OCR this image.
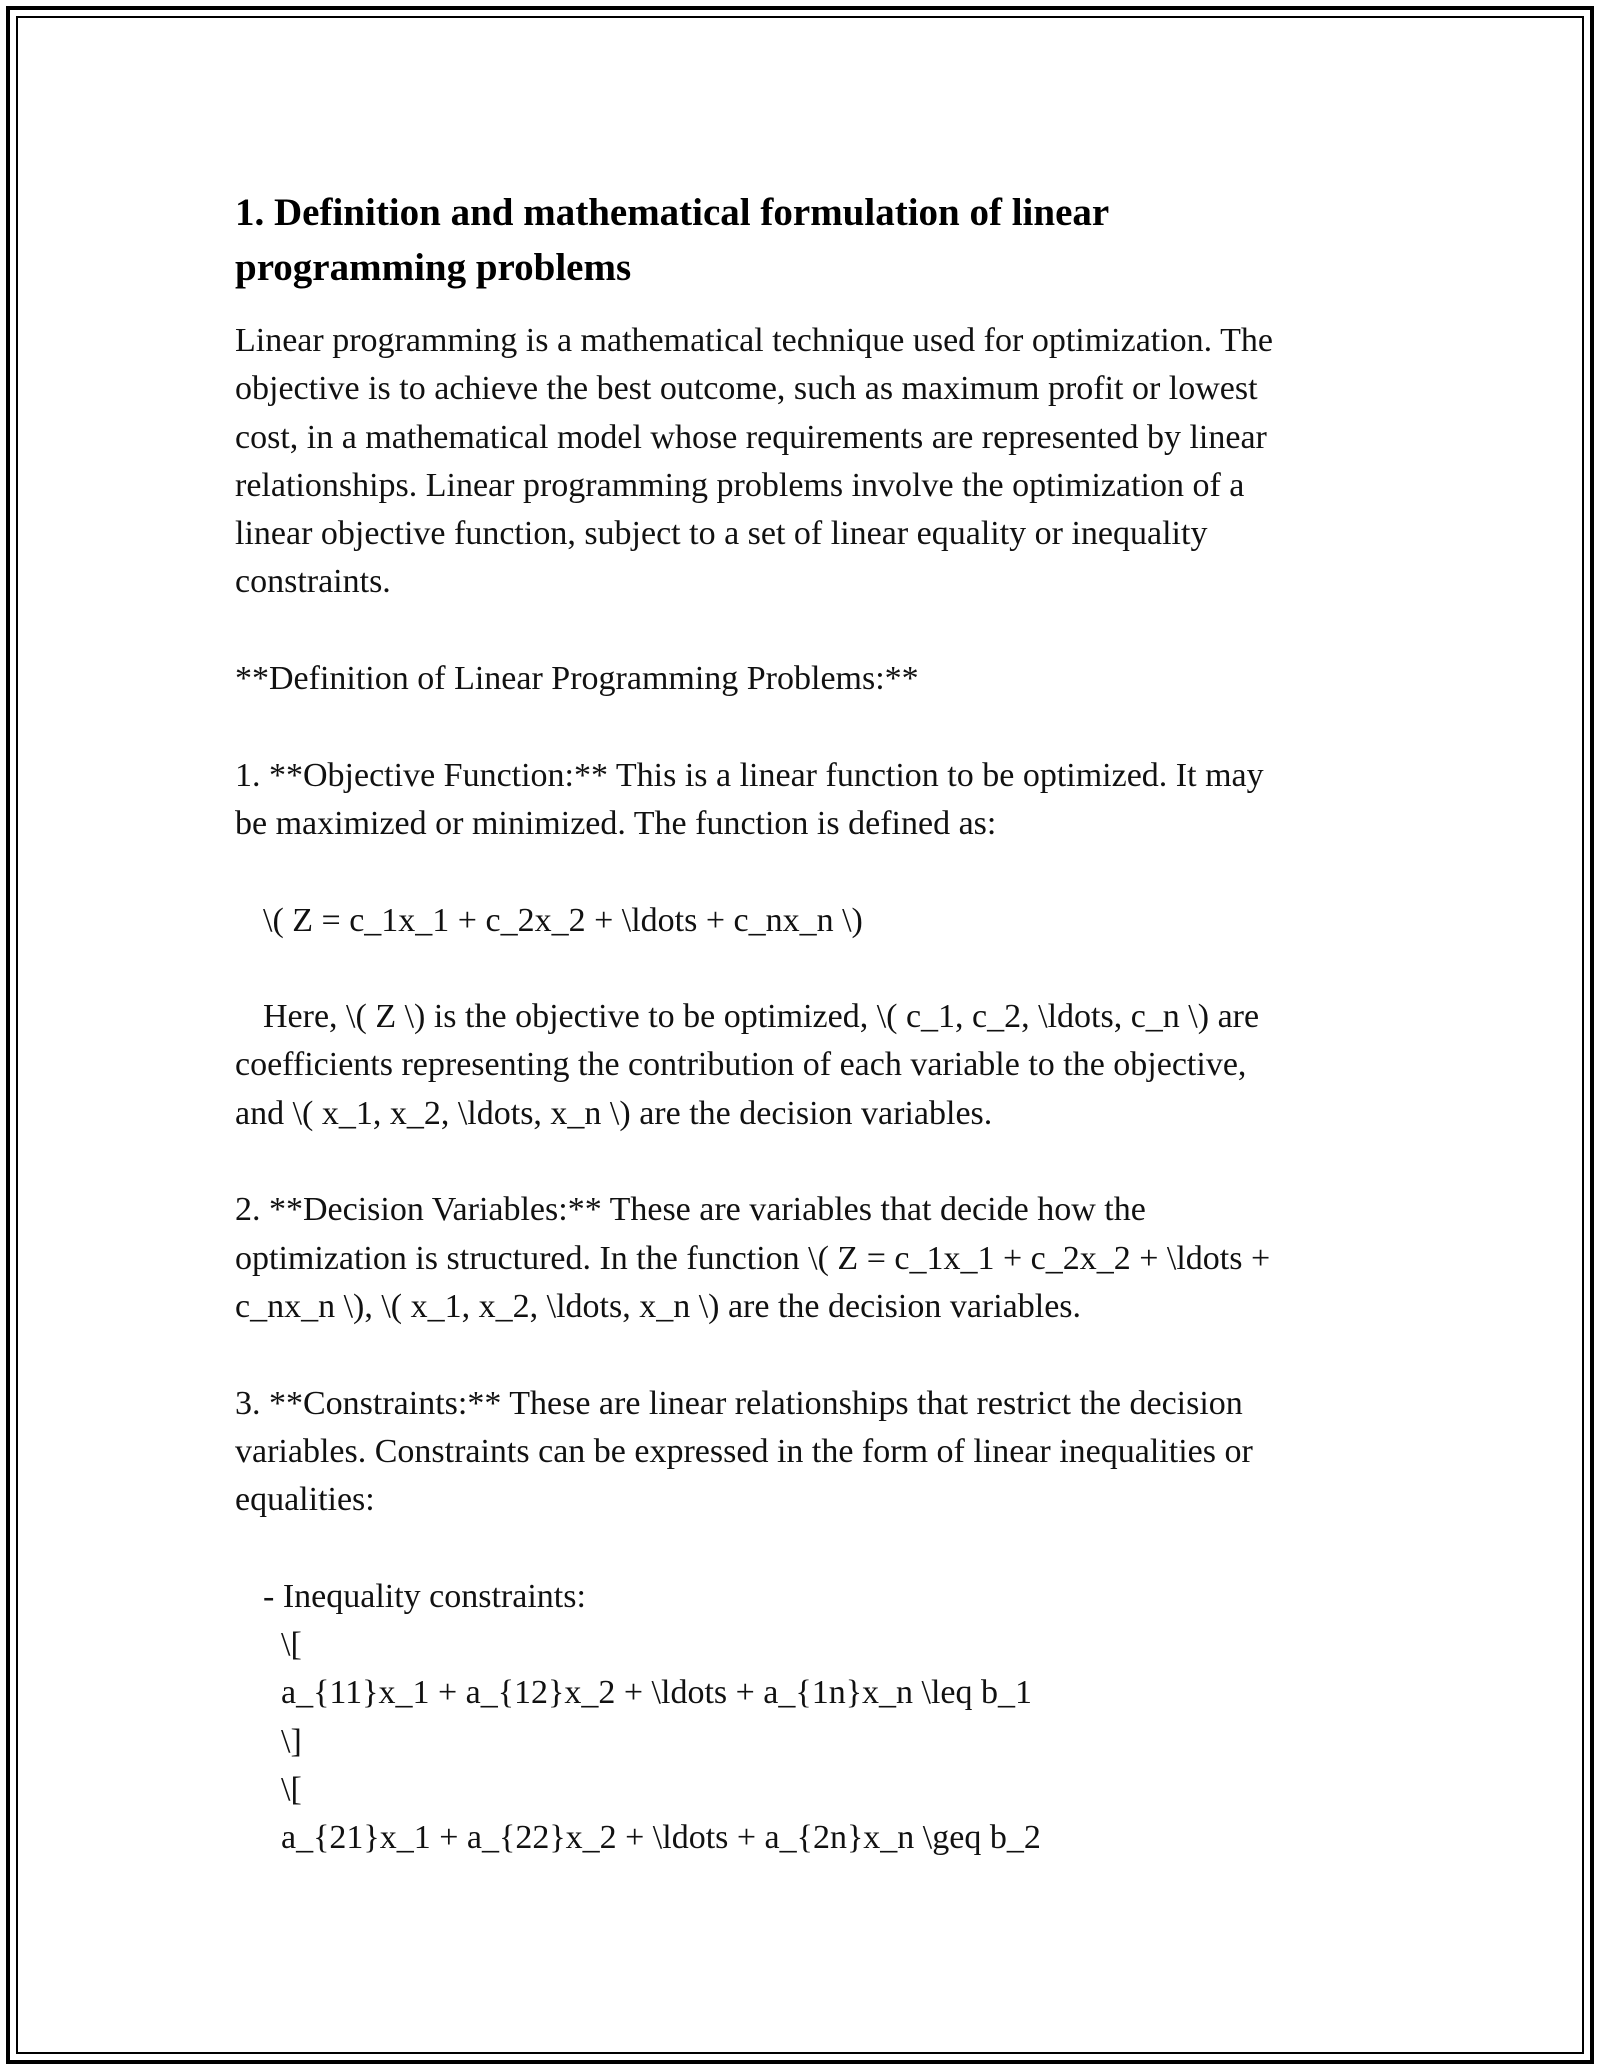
1. Definition and mathematical formulation of linear
programming problems
Linear programming is a mathematical technique used for optimization. The
objective is to achieve the best outcome, such as maximum profit or lowest
cost, in a mathematical model whose requirements are represented by linear
relationships. Linear programming problems involve the optimization of a
linear objective function, subject to a set of linear equality or inequality
constraints.
**Definition of Linear Programming Problems:**
1. **Objective Function:** This is a linear function to be optimized. It may
be maximized or minimized. The function is defined as:
\( Z = c_1x_1 + c_2x_2 + \ldots + c_nx_n \)
Here, \( Z \) is the objective to be optimized, \( c_1, c_2, \ldots, c_n \) are
coefficients representing the contribution of each variable to the objective,
and \( x_1, x_2, \ldots, x_n \) are the decision variables.
2. **Decision Variables:** These are variables that decide how the
optimization is structured. In the function \( Z = c_1x_1 + c_2x_2 + \ldots +
c_nx_n \), \( x_1, x_2, \ldots, x_n \) are the decision variables.
3. **Constraints:** These are linear relationships that restrict the decision
variables. Constraints can be expressed in the form of linear inequalities or
equalities:
- Inequality constraints:
\[
a_{11}x_1 + a_{12}x_2 + \ldots + a_{1n}x_n \leq b_1
\]
\[
a_{21}x_1 + a_{22}x_2 + \ldots + a_{2n}x_n \geq b_2
